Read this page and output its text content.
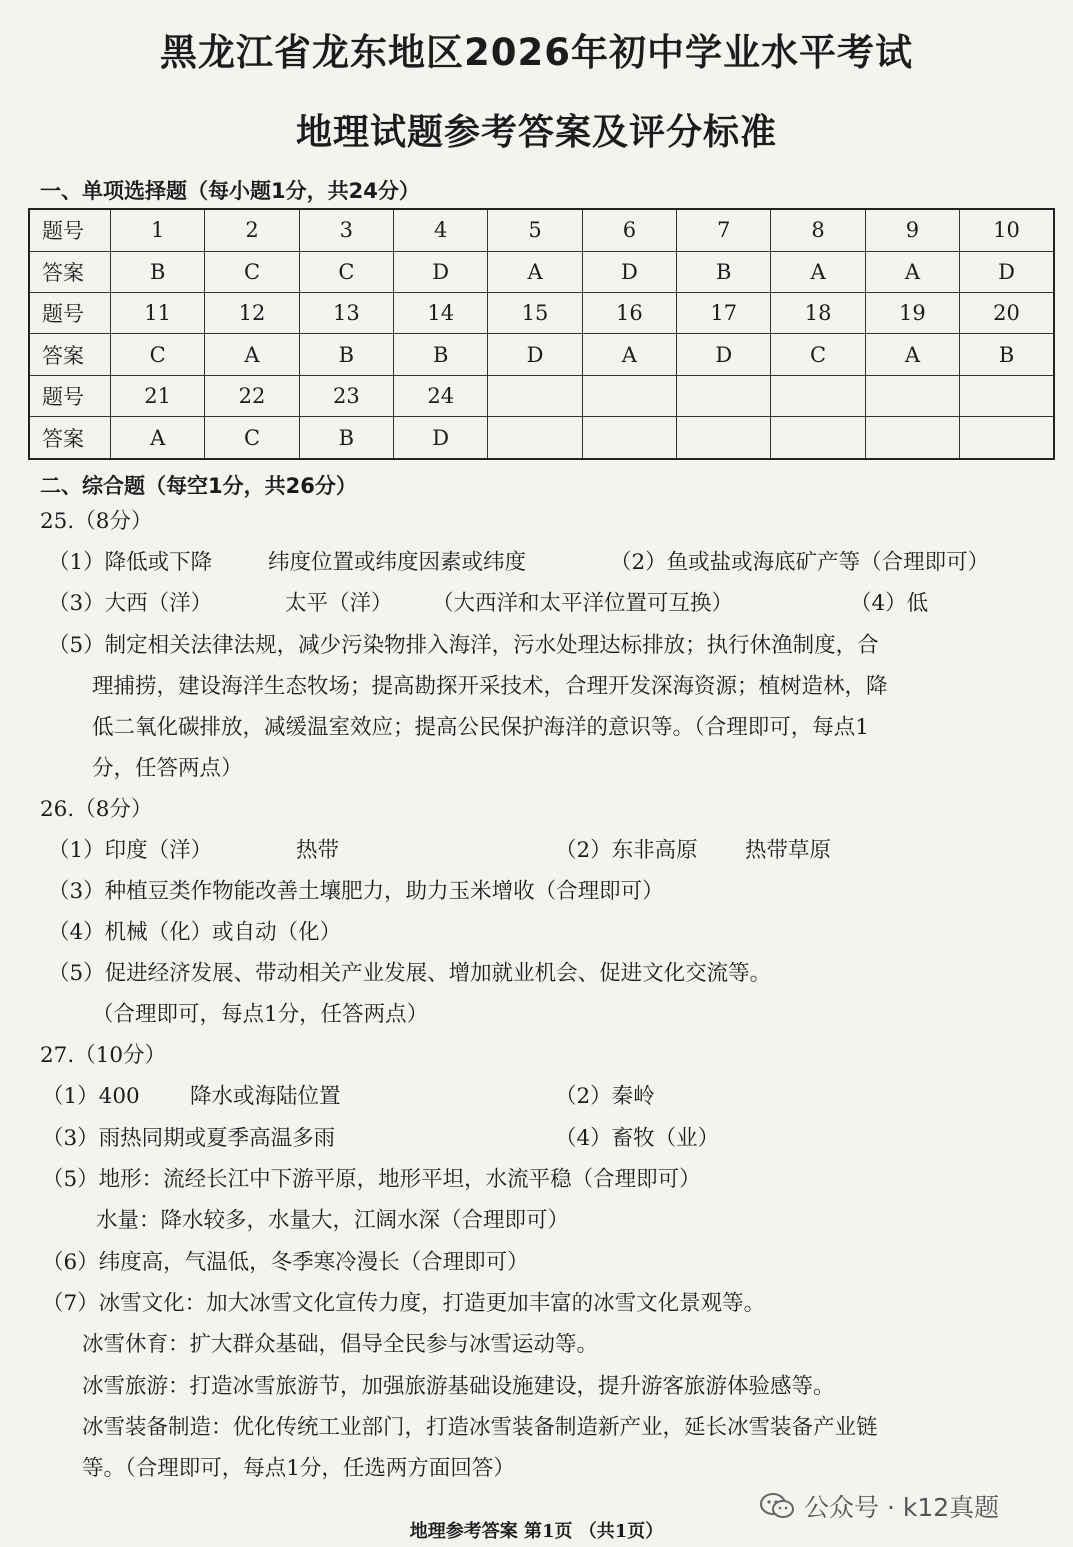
黑龙江省龙东地区2026年初中学业水平考试
地理试题参考答案及评分标准
一、单项选择题（每小题1分，共24分）
题号	1	2	3	4	5	6	7	8	9	10
答案	B	C	C	D	A	D	B	A	A	D
题号	11	12	13	14	15	16	17	18	19	20
答案	C	A	B	B	D	A	D	C	A	B
题号	21	22	23	24						
答案	A	C	B	D						
二、综合题（每空1分，共26分）
25.（8分）
（1）降低或下降	纬度位置或纬度因素或纬度	（2）鱼或盐或海底矿产等（合理即可）
（3）大西（洋）	太平（洋） （大西洋和太平洋位置可互换）	（4）低
（5）制定相关法律法规，减少污染物排入海洋，污水处理达标排放；执行休渔制度，合
理捕捞，建设海洋生态牧场；提高勘探开采技术，合理开发深海资源；植树造林，降
低二氧化碳排放，减缓温室效应；提高公民保护海洋的意识等。（合理即可，每点1
分，任答两点）
26.（8分）
（1）印度（洋）	热带	（2）东非高原 热带草原
（3）种植豆类作物能改善土壤肥力，助力玉米增收（合理即可）
（4）机械（化）或自动（化）
（5）促进经济发展、带动相关产业发展、增加就业机会、促进文化交流等。
（合理即可，每点1分，任答两点）
27.（10分）
（1）400 降水或海陆位置	（2）秦岭
（3）雨热同期或夏季高温多雨	（4）畜牧（业）
（5）地形：流经长江中下游平原，地形平坦，水流平稳（合理即可）
水量：降水较多，水量大，江阔水深（合理即可）
（6）纬度高，气温低，冬季寒冷漫长（合理即可）
（7）冰雪文化：加大冰雪文化宣传力度，打造更加丰富的冰雪文化景观等。
冰雪休育：扩大群众基础，倡导全民参与冰雪运动等。
冰雪旅游：打造冰雪旅游节，加强旅游基础设施建设，提升游客旅游体验感等。
冰雪装备制造：优化传统工业部门，打造冰雪装备制造新产业，延长冰雪装备产业链
等。（合理即可，每点1分，任选两方面回答）
公众号 · k12真题
地理参考答案 第1页 （共1页）
